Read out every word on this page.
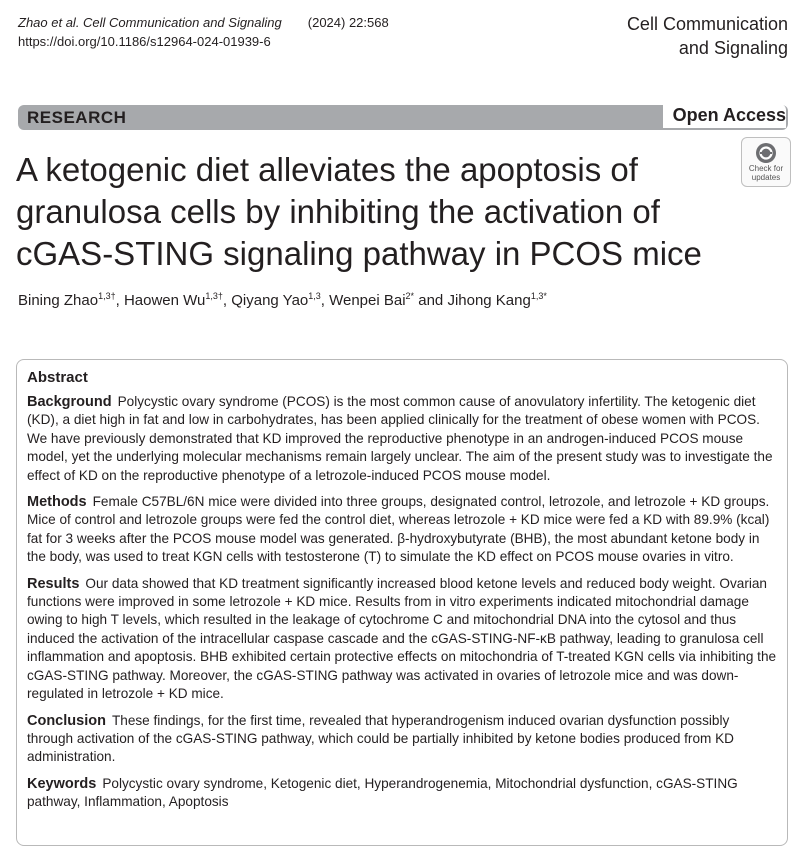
Zhao et al. Cell Communication and Signaling (2024) 22:568
https://doi.org/10.1186/s12964-024-01939-6
Cell Communication
and Signaling
RESEARCH	Open Access
Check for
updates
A ketogenic diet alleviates the apoptosis of granulosa cells by inhibiting the activation of cGAS-STING signaling pathway in PCOS mice
Bining Zhao$^{1,3\dagger}$, Haowen $Wu^{1,3\dagger}$, Qiyang Yao$^{1,3}$, Wenpei Bai$^{2*}$ and Jihong Kang$^{1,3*}$
Abstract

Background Polycystic ovary syndrome (PCOS) is the most common cause of anovulatory infertility. The ketogenic diet (KD), a diet high in fat and low in carbohydrates, has been applied clinically for the treatment of obese women with PCOS. We have previously demonstrated that KD improved the reproductive phenotype in an androgen-induced PCOS mouse model, yet the underlying molecular mechanisms remain largely unclear. The aim of the present study was to investigate the effect of KD on the reproductive phenotype of a letrozole-induced PCOS mouse model.

Methods Female C57BL/6N mice were divided into three groups, designated control, letrozole, and letrozole + KD groups. Mice of control and letrozole groups were fed the control diet, whereas letrozole + KD mice were fed a KD with 89.9% (kcal) fat for 3 weeks after the PCOS mouse model was generated. β-hydroxybutyrate (BHB), the most abundant ketone body in the body, was used to treat KGN cells with testosterone (T) to simulate the KD effect on PCOS mouse ovaries in vitro.

Results Our data showed that KD treatment significantly increased blood ketone levels and reduced body weight. Ovarian functions were improved in some letrozole + KD mice. Results from in vitro experiments indicated mitochondrial damage owing to high T levels, which resulted in the leakage of cytochrome C and mitochondrial DNA into the cytosol and thus induced the activation of the intracellular caspase cascade and the cGAS-STING-NF-κB pathway, leading to granulosa cell inflammation and apoptosis. BHB exhibited certain protective effects on mitochondria of T-treated KGN cells via inhibiting the cGAS-STING pathway. Moreover, the cGAS-STING pathway was activated in ovaries of letrozole mice and was down-regulated in letrozole + KD mice.

Conclusion These findings, for the first time, revealed that hyperandrogenism induced ovarian dysfunction possibly through activation of the cGAS-STING pathway, which could be partially inhibited by ketone bodies produced from KD administration.

Keywords Polycystic ovary syndrome, Ketogenic diet, Hyperandrogenemia, Mitochondrial dysfunction, cGAS-STING pathway, Inflammation, Apoptosis
